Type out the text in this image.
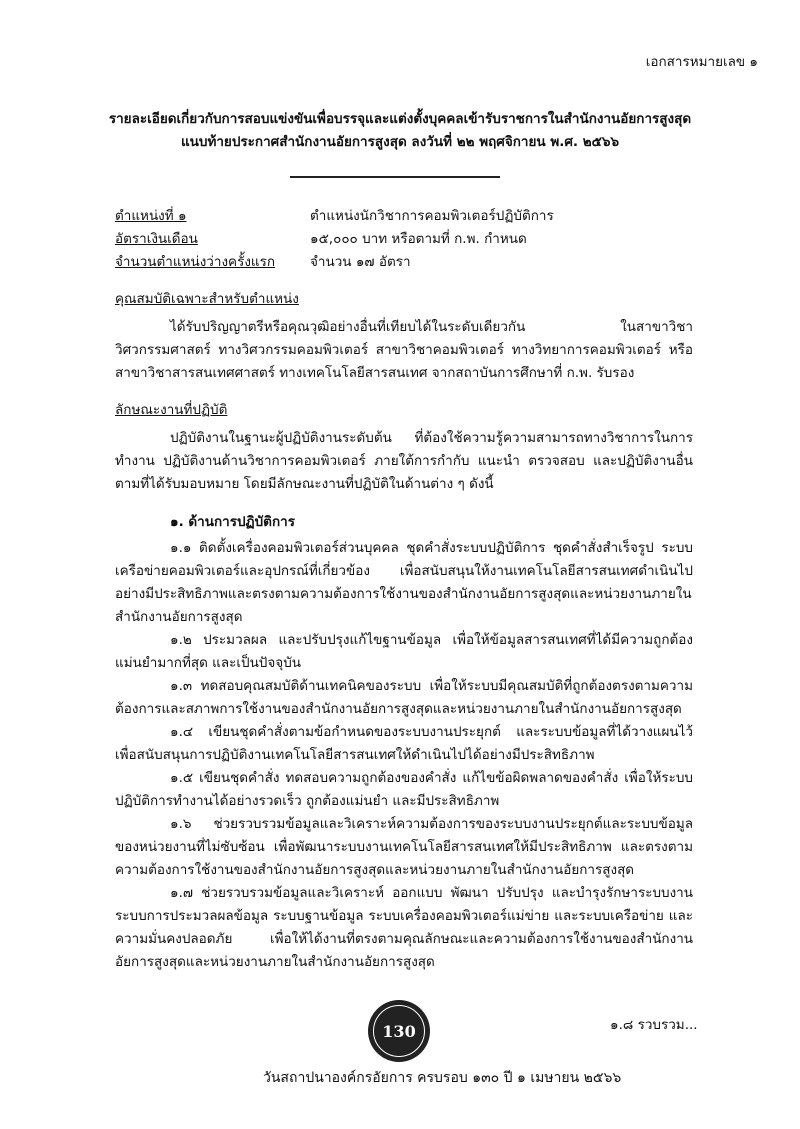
เอกสารหมายเลข ๑
รายละเอียดเกี่ยวกับการสอบแข่งขันเพื่อบรรจุและแต่งตั้งบุคคลเข้ารับราชการในสำนักงานอัยการสูงสุด
แนบท้ายประกาศสำนักงานอัยการสูงสุด ลงวันที่ ๒๒ พฤศจิกายน พ.ศ. ๒๕๖๖
ตำแหน่งที่ ๑	ตำแหน่งนักวิชาการคอมพิวเตอร์ปฏิบัติการ
อัตราเงินเดือน	๑๕,๐๐๐ บาท หรือตามที่ ก.พ. กำหนด
จำนวนตำแหน่งว่างครั้งแรก	จำนวน ๑๗ อัตรา
คุณสมบัติเฉพาะสำหรับตำแหน่ง
ได้รับปริญญาตรีหรือคุณวุฒิอย่างอื่นที่เทียบได้ในระดับเดียวกัน ในสาขาวิชาวิศวกรรมศาสตร์ ทางวิศวกรรมคอมพิวเตอร์ สาขาวิชาคอมพิวเตอร์ ทางวิทยาการคอมพิวเตอร์ หรือสาขาวิชาสารสนเทศศาสตร์ ทางเทคโนโลยีสารสนเทศ จากสถาบันการศึกษาที่ ก.พ. รับรอง
ลักษณะงานที่ปฏิบัติ
ปฏิบัติงานในฐานะผู้ปฏิบัติงานระดับต้น ที่ต้องใช้ความรู้ความสามารถทางวิชาการในการทำงาน ปฏิบัติงานด้านวิชาการคอมพิวเตอร์ ภายใต้การกำกับ แนะนำ ตรวจสอบ และปฏิบัติงานอื่นตามที่ได้รับมอบหมาย โดยมีลักษณะงานที่ปฏิบัติในด้านต่าง ๆ ดังนี้
๑. ด้านการปฏิบัติการ
๑.๑ ติดตั้งเครื่องคอมพิวเตอร์ส่วนบุคคล ชุดคำสั่งระบบปฏิบัติการ ชุดคำสั่งสำเร็จรูป ระบบเครือข่ายคอมพิวเตอร์และอุปกรณ์ที่เกี่ยวข้อง เพื่อสนับสนุนให้งานเทคโนโลยีสารสนเทศดำเนินไปอย่างมีประสิทธิภาพและตรงตามความต้องการใช้งานของสำนักงานอัยการสูงสุดและหน่วยงานภายในสำนักงานอัยการสูงสุด
๑.๒ ประมวลผล และปรับปรุงแก้ไขฐานข้อมูล เพื่อให้ข้อมูลสารสนเทศที่ได้มีความถูกต้องแม่นยำมากที่สุด และเป็นปัจจุบัน
๑.๓ ทดสอบคุณสมบัติด้านเทคนิคของระบบ เพื่อให้ระบบมีคุณสมบัติที่ถูกต้องตรงตามความต้องการและสภาพการใช้งานของสำนักงานอัยการสูงสุดและหน่วยงานภายในสำนักงานอัยการสูงสุด
๑.๔ เขียนชุดคำสั่งตามข้อกำหนดของระบบงานประยุกต์ และระบบข้อมูลที่ได้วางแผนไว้ เพื่อสนับสนุนการปฏิบัติงานเทคโนโลยีสารสนเทศให้ดำเนินไปได้อย่างมีประสิทธิภาพ
๑.๕ เขียนชุดคำสั่ง ทดสอบความถูกต้องของคำสั่ง แก้ไขข้อผิดพลาดของคำสั่ง เพื่อให้ระบบปฏิบัติการทำงานได้อย่างรวดเร็ว ถูกต้องแม่นยำ และมีประสิทธิภาพ
๑.๖ ช่วยรวบรวมข้อมูลและวิเคราะห์ความต้องการของระบบงานประยุกต์และระบบข้อมูลของหน่วยงานที่ไม่ซับซ้อน เพื่อพัฒนาระบบงานเทคโนโลยีสารสนเทศให้มีประสิทธิภาพ และตรงตามความต้องการใช้งานของสำนักงานอัยการสูงสุดและหน่วยงานภายในสำนักงานอัยการสูงสุด
๑.๗ ช่วยรวบรวมข้อมูลและวิเคราะห์ ออกแบบ พัฒนา ปรับปรุง และบำรุงรักษาระบบงาน ระบบการประมวลผลข้อมูล ระบบฐานข้อมูล ระบบเครื่องคอมพิวเตอร์แม่ข่าย และระบบเครือข่าย และความมั่นคงปลอดภัย เพื่อให้ได้งานที่ตรงตามคุณลักษณะและความต้องการใช้งานของสำนักงานอัยการสูงสุดและหน่วยงานภายในสำนักงานอัยการสูงสุด
๑.๘ รวบรวม...
130
วันสถาปนาองค์กรอัยการ ครบรอบ ๑๓๐ ปี ๑ เมษายน ๒๕๖๖
